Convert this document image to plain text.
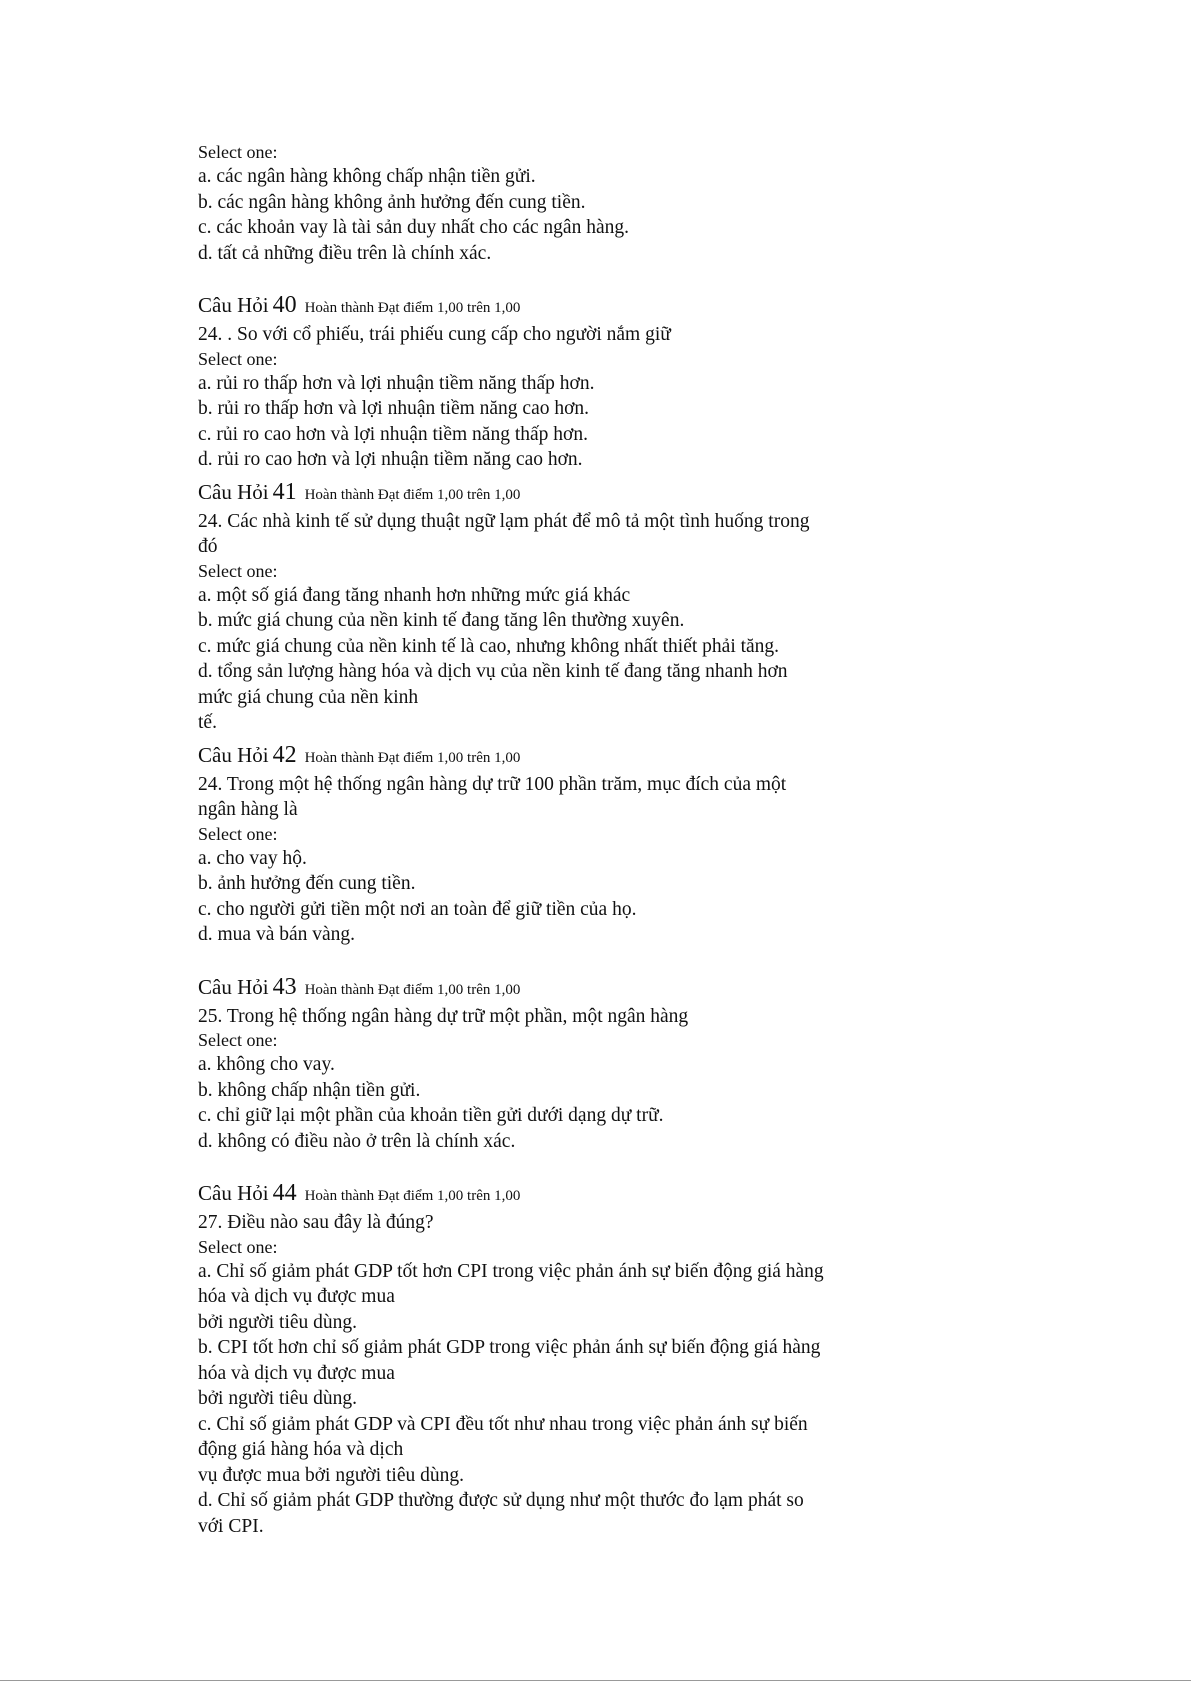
Select one:
a. các ngân hàng không chấp nhận tiền gửi.
b. các ngân hàng không ảnh hưởng đến cung tiền.
c. các khoản vay là tài sản duy nhất cho các ngân hàng.
d. tất cả những điều trên là chính xác.
Câu Hỏi 40 Hoàn thành Đạt điểm 1,00 trên 1,00
24. . So với cổ phiếu, trái phiếu cung cấp cho người nắm giữ
Select one:
a. rủi ro thấp hơn và lợi nhuận tiềm năng thấp hơn.
b. rủi ro thấp hơn và lợi nhuận tiềm năng cao hơn.
c. rủi ro cao hơn và lợi nhuận tiềm năng thấp hơn.
d. rủi ro cao hơn và lợi nhuận tiềm năng cao hơn.
Câu Hỏi 41 Hoàn thành Đạt điểm 1,00 trên 1,00
24. Các nhà kinh tế sử dụng thuật ngữ lạm phát để mô tả một tình huống trong
đó
Select one:
a. một số giá đang tăng nhanh hơn những mức giá khác
b. mức giá chung của nền kinh tế đang tăng lên thường xuyên.
c. mức giá chung của nền kinh tế là cao, nhưng không nhất thiết phải tăng.
d. tổng sản lượng hàng hóa và dịch vụ của nền kinh tế đang tăng nhanh hơn
mức giá chung của nền kinh
tế.
Câu Hỏi 42 Hoàn thành Đạt điểm 1,00 trên 1,00
24. Trong một hệ thống ngân hàng dự trữ 100 phần trăm, mục đích của một
ngân hàng là
Select one:
a. cho vay hộ.
b. ảnh hưởng đến cung tiền.
c. cho người gửi tiền một nơi an toàn để giữ tiền của họ.
d. mua và bán vàng.
Câu Hỏi 43 Hoàn thành Đạt điểm 1,00 trên 1,00
25. Trong hệ thống ngân hàng dự trữ một phần, một ngân hàng
Select one:
a. không cho vay.
b. không chấp nhận tiền gửi.
c. chỉ giữ lại một phần của khoản tiền gửi dưới dạng dự trữ.
d. không có điều nào ở trên là chính xác.
Câu Hỏi 44 Hoàn thành Đạt điểm 1,00 trên 1,00
27. Điều nào sau đây là đúng?
Select one:
a. Chỉ số giảm phát GDP tốt hơn CPI trong việc phản ánh sự biến động giá hàng
hóa và dịch vụ được mua
bởi người tiêu dùng.
b. CPI tốt hơn chỉ số giảm phát GDP trong việc phản ánh sự biến động giá hàng
hóa và dịch vụ được mua
bởi người tiêu dùng.
c. Chỉ số giảm phát GDP và CPI đều tốt như nhau trong việc phản ánh sự biến
động giá hàng hóa và dịch
vụ được mua bởi người tiêu dùng.
d. Chỉ số giảm phát GDP thường được sử dụng như một thước đo lạm phát so
với CPI.
